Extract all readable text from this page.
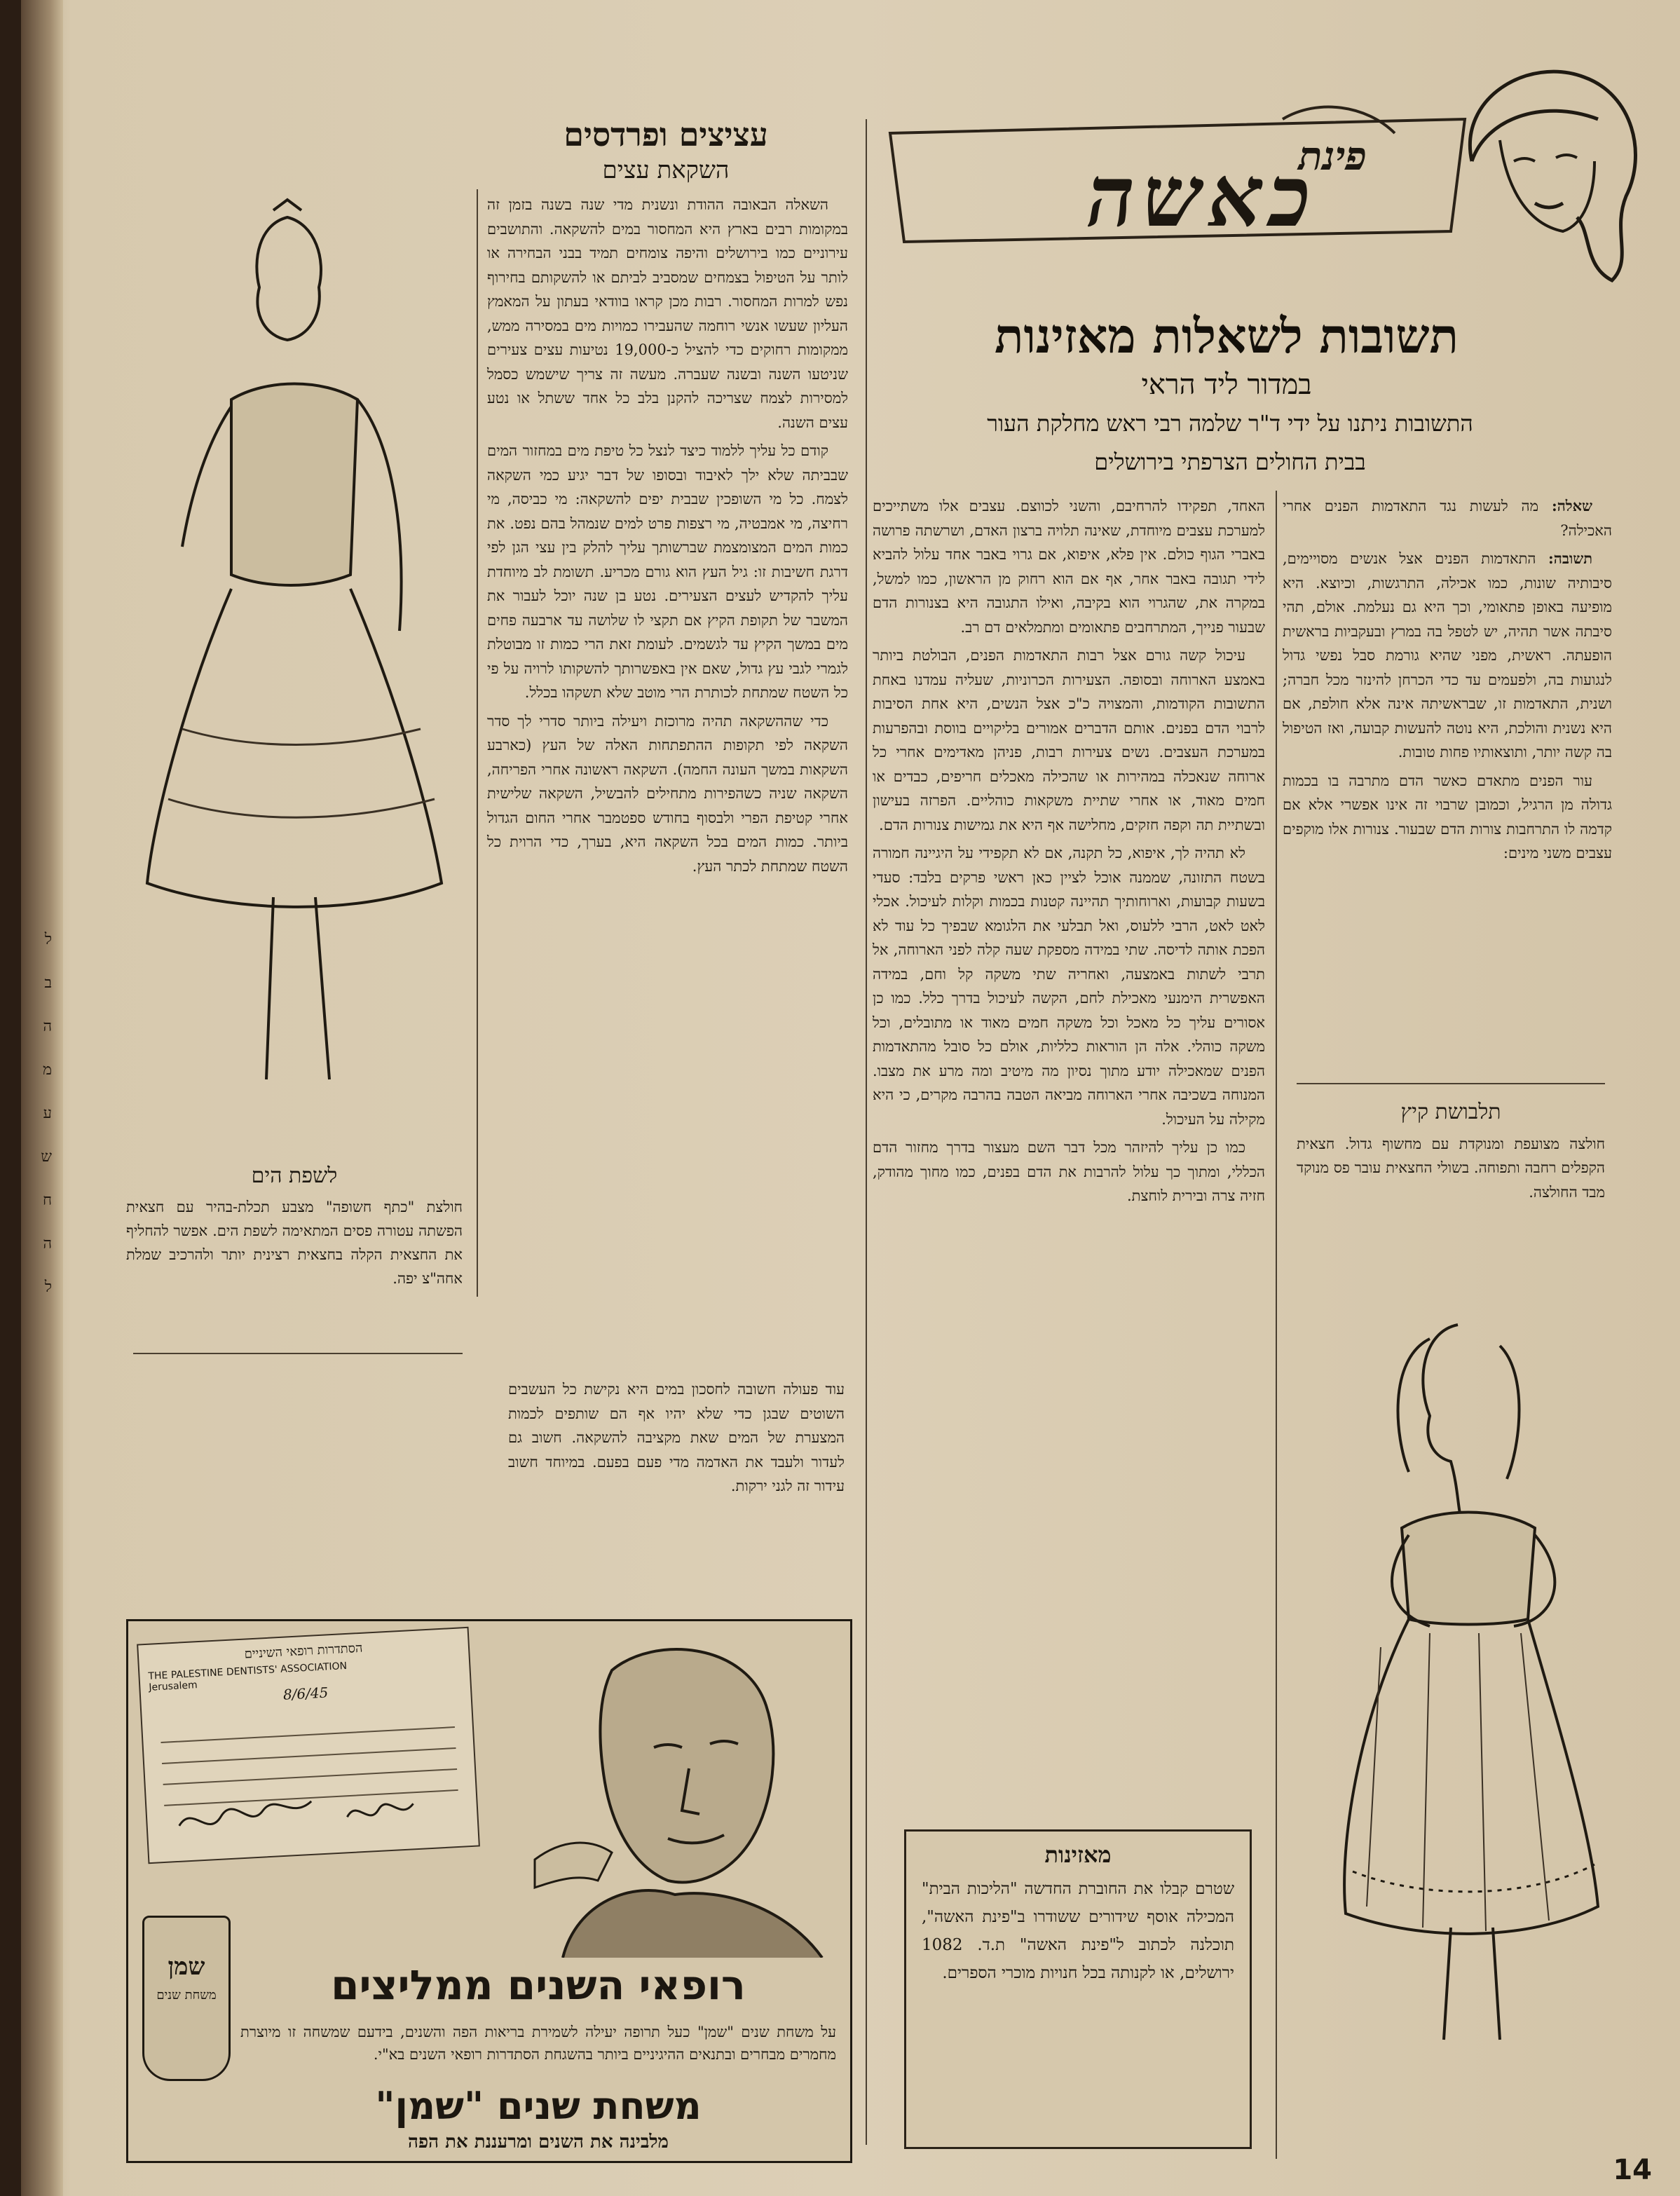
ל
ב
ה
מ
ע
ש
ח
ה
ל
פינת
כאשה
תשובות לשאלות מאזינות
במדור ליד הראי
התשובות ניתנו על ידי ד"ר שלמה רבי ראש מחלקת העור
בבית החולים הצרפתי בירושלים

שאלה: מה לעשות נגד התאדמות הפנים אחרי האכילה?

תשובה: התאדמות הפנים אצל אנשים מסויימים, סיבותיה שונות, כמו אכילה, התרגשות, וכיוצא. היא מופיעה באופן פתאומי, וכך היא גם נעלמת. אולם, תהי סיבתה אשר תהיה, יש לטפל בה במרץ ובעקביות בראשית הופעתה. ראשית, מפני שהיא גורמת סבל נפשי גדול לנגועות בה, ולפעמים עד כדי הכרחן להינזר מכל חברה; ושנית, התאדמות זו, שבראשיתה אינה אלא חולפת, אם היא נשנית והולכת, היא נוטה להעשות קבועה, ואז הטיפול בה קשה יותר, ותוצאותיו פחות טובות.

עור הפנים מתאדם כאשר הדם מתרבה בו בכמות גדולה מן הרגיל, וכמובן שרבוי זה אינו אפשרי אלא אם קדמה לו התרחבות צורות הדם שבעור. צנורות אלו מוקפים עצבים משני מינים:

תלבושת קיץ

חולצה מצועפת ומנוקדת עם מחשוף גדול. חצאית הקפלים רחבה ותפוחה. בשולי החצאית עובר פס מנוקד מבד החולצה.

האחד, תפקידו להרחיבם, והשני לכווצם. עצבים אלו משתייכים למערכת עצבים מיוחדת, שאינה תלויה ברצון האדם, ושרשתה פרושה באברי הגוף כולם. אין פלא, איפוא, אם גרוי באבר אחד עלול להביא לידי תגובה באבר אחר, אף אם הוא רחוק מן הראשון, כמו למשל, במקרה את, שהגרוי הוא בקיבה, ואילו התגובה היא בצנורות הדם שבעור פנייך, המתרחבים פתאומים ומתמלאים דם רב.

עיכול קשה גורם אצל רבות התאדמות הפנים, הבולטת ביותר באמצע הארוחה ובסופה. הצעירות הכרוניות, שעליה עמדנו באחת התשובות הקודמות, והמצויה כ"כ אצל הנשים, היא אחת הסיבות לרבוי הדם בפנים. אותם הדברים אמורים בליקויים בווסת ובהפרעות במערכת העצבים. נשים צעירות רבות, פניהן מאדימים אחרי כל ארוחה שנאכלה במהירות או שהכילה מאכלים חריפים, כבדים או חמים מאוד, או אחרי שתיית משקאות כוהליים. הפרזה בעישון ובשתיית תה וקפה חזקים, מחלישה אף היא את גמישות צנורות הדם.

לא תהיה לך, איפוא, כל תקנה, אם לא תקפידי על היגיינה חמורה בשטח התזונה, שממנה אוכל לציין כאן ראשי פרקים בלבד: סעדי בשעות קבועות, וארוחותיך תהיינה קטנות בכמות וקלות לעיכול. אכלי לאט לאט, הרבי ללעוס, ואל תבלעי את הלגומא שבפיך כל עוד לא הפכת אותה לדיסה. שתי במידה מספקת שעה קלה לפני הארוחה, אל תרבי לשתות באמצעה, ואחריה שתי משקה קל וחם, במידה האפשרית הימנעי מאכילת לחם, הקשה לעיכול בדרך כלל. כמו כן אסורים עליך כל מאכל וכל משקה חמים מאוד או מתובלים, וכל משקה כוהלי. אלה הן הוראות כלליות, אולם כל סובל מהתאדמות הפנים שמאכילה יודע מתוך נסיון מה מיטיב ומה מרע את מצבו. המנוחה בשכיבה אחרי הארוחה מביאה הטבה בהרבה מקרים, כי היא מקילה על העיכול.

כמו כן עליך להיזהר מכל דבר השם מעצור בדרך מחזור הדם הכללי, ומתוך כך עלול להרבות את הדם בפנים, כמו מחוך מהודק, חזיה צרה ובירית לוחצת.

מאזינות
שטרם קבלו את החוברת החדשה "הליכות הבית" המכילה אוסף שידורים ששודרו ב"פינת האשה", תוכלנה לכתוב ל"פינת האשה" ת.ד. 1082 ירושלים, או לקנותה בכל חנויות מוכרי הספרים.
עציצים ופרדסים
השקאת עצים

השאלה הבאובה ההודת ונשנית מדי שנה בשנה בזמן זה במקומות רבים בארץ היא המחסור במים להשקאה. והתושבים עירוניים כמו בירושלים והיפה צומחים תמיד בבני הבחירה או לותר על הטיפול בצמחים שמסביב לביתם או להשקותם בחירוף נפש למרות המחסור. רבות מכן קראו בוודאי בעתון על המאמץ העליון שעשו אנשי רוחמה שהעבירו כמויות מים במסירה ממש, ממקומות רחוקים כדי להציל כ-19,000 נטיעות עצים צעירים שניטעו השנה ובשנה שעברה. מעשה זה צריך שישמש כסמל למסירות לצמח שצריכה להקנן בלב כל אחד ששתל או נטע עצים השנה.

קודם כל עליך ללמוד כיצד לנצל כל טיפת מים במחזור המים שבביתה שלא ילך לאיבוד ובסופו של דבר יגיע כמי השקאה לצמח. כל מי השופכין שבבית יפים להשקאה: מי כביסה, מי רחיצה, מי אמבטיה, מי רצפות פרט למים שנמהל בהם נפט. את כמות המים המצומצמת שברשותך עליך להלק בין עצי הגן לפי דרגת חשיבות זו: גיל העץ הוא גורם מכריע. תשומת לב מיוחדת עליך להקדיש לעצים הצעירים. נטע בן שנה יוכל לעבור את המשבר של תקופת הקיץ אם תקצי לו שלושה עד ארבעה פחים מים במשך הקיץ עד לגשמים. לעומת זאת הרי כמות זו מבוטלת לגמרי לגבי עץ גדול, שאם אין באפשרותך להשקותו לרויה על פי כל השטח שמתחת לכותרת הרי מוטב שלא תשקהו בכלל.

כדי שההשקאה תהיה מרוכזת ויעילה ביותר סדרי לך סדר השקאה לפי תקופות ההתפתחות האלה של העץ (כארבע השקאות במשך העונה החמה). השקאה ראשונה אחרי הפריחה, השקאה שניה כשהפירות מתחילים להבשיל, השקאה שלישית אחרי קטיפת הפרי ולבסוף בחודש ספטמבר אחרי החום הגדול ביותר. כמות המים בכל השקאה היא, בערך, כדי הרוית כל השטח שמתחת לכתר העץ.

לשפת הים
חולצת "כתף חשופה" מצבע תכלת-בהיר עם חצאית הפשתה עטורה פסים המתאימה לשפת הים. אפשר להחליף את החצאית הקלה בחצאית רצינית יותר ולהרכיב שמלת אחה"צ יפה.

עוד פעולה חשובה לחסכון במים היא נקישת כל העשבים השוטים שבגן כדי שלא יהיו אף הם שותפים לכמות המצערת של המים שאת מקציבה להשקאה. חשוב גם לעדור ולעבד את האדמה מדי פעם בפעם. במיוחד חשוב עידור זה לגני ירקות.

הסתדרות רופאי השיניים
THE PALESTINE DENTISTS' ASSOCIATION
Jerusalem	8/6/45
שמן
משחת שנים	רופאי השנים ממליצים
על משחת שנים "שמן" כעל תרופה יעילה לשמירת בריאות הפה והשנים, בידעם שמשחה זו מיוצרת מחמרים מבחרים ובתנאים ההיגיניים ביותר בהשגחת הסתדרות רופאי השנים בא"י.
משחת שנים "שמן"
מלבינה את השנים ומרעננת את הפה
14
